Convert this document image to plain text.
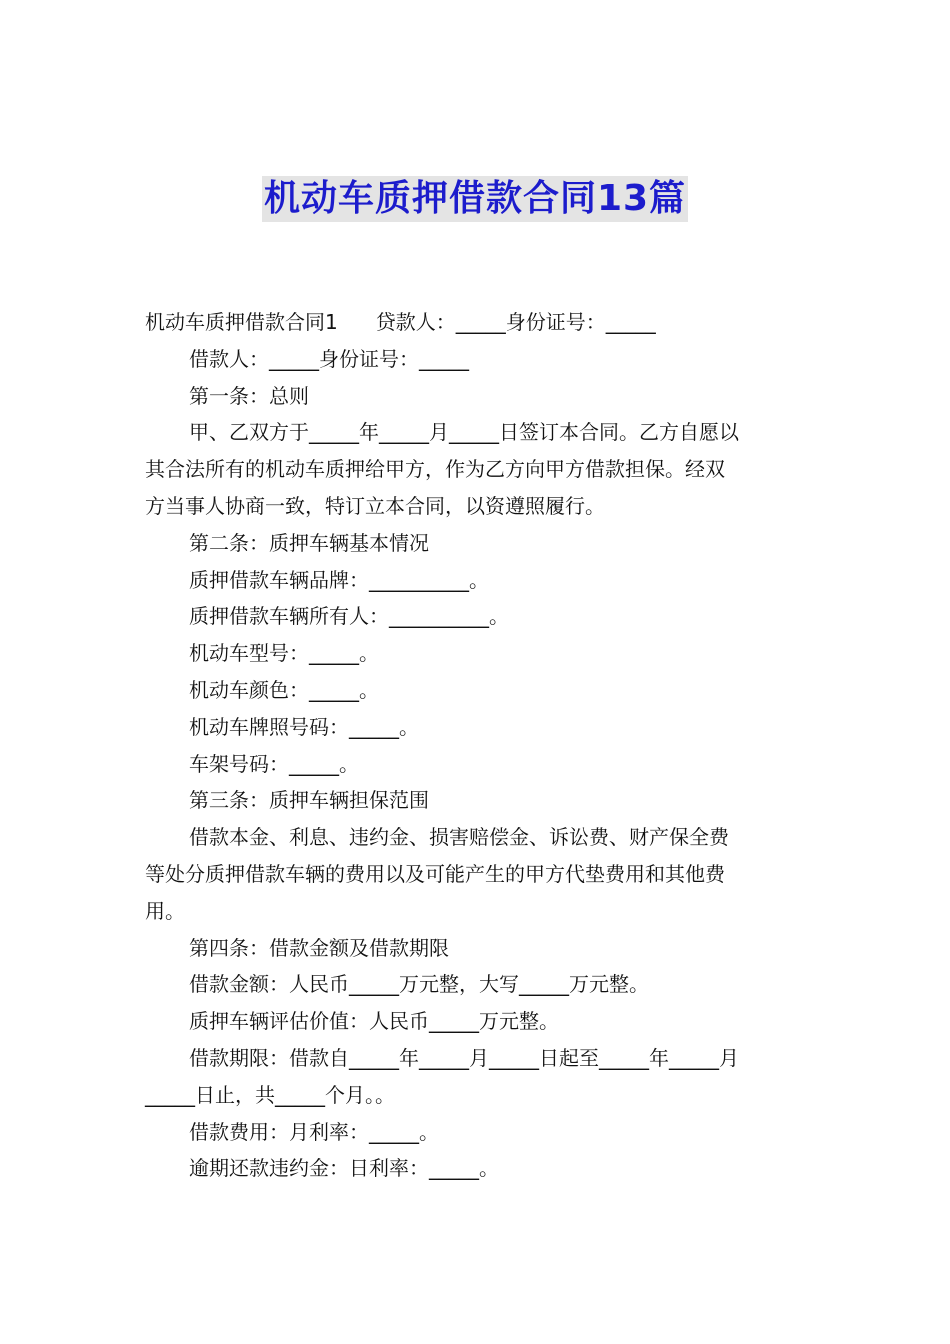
机动车质押借款合同13篇

机动车质押借款合同1 贷款人：_____身份证号：_____

借款人：_____身份证号：_____

第一条：总则

甲、乙双方于_____年_____月_____日签订本合同。乙方自愿以

其合法所有的机动车质押给甲方，作为乙方向甲方借款担保。经双

方当事人协商一致，特订立本合同，以资遵照履行。

第二条：质押车辆基本情况

质押借款车辆品牌：__________。

质押借款车辆所有人：__________。

机动车型号：_____。

机动车颜色：_____。

机动车牌照号码：_____。

车架号码：_____。

第三条：质押车辆担保范围

借款本金、利息、违约金、损害赔偿金、诉讼费、财产保全费

等处分质押借款车辆的费用以及可能产生的甲方代垫费用和其他费

用。

第四条：借款金额及借款期限

借款金额：人民币_____万元整，大写_____万元整。

质押车辆评估价值：人民币_____万元整。

借款期限：借款自_____年_____月_____日起至_____年_____月

_____日止，共_____个月。。

借款费用：月利率：_____。

逾期还款违约金：日利率：_____。
